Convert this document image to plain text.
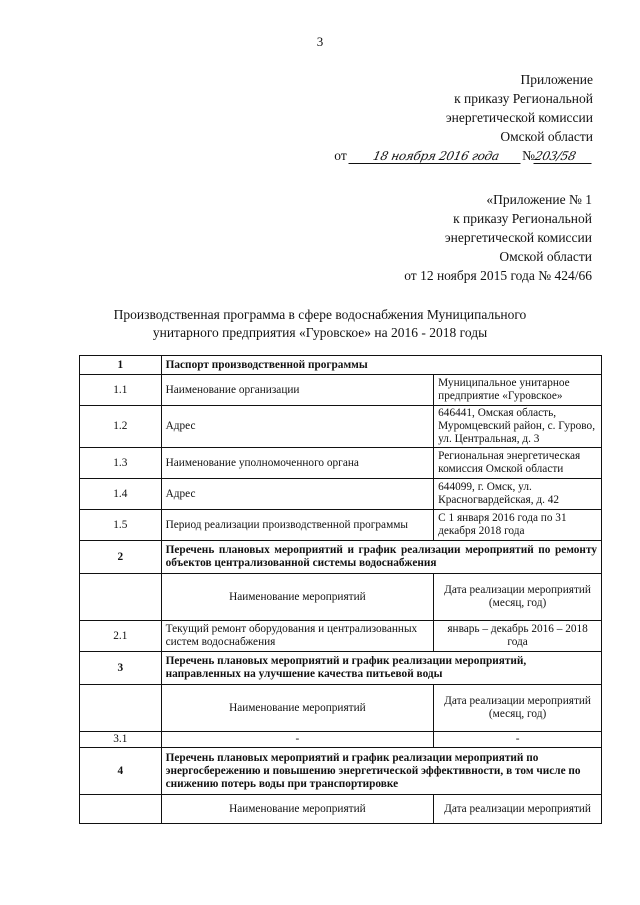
3
Приложение
к приказу Региональной
энергетической комиссии
Омской области
от 18 ноября 2016 года №203/58
«Приложение № 1
к приказу Региональной
энергетической комиссии
Омской области
от 12 ноября 2015 года № 424/66
Производственная программа в сфере водоснабжения Муниципального
унитарного предприятия «Гуровское» на 2016 - 2018 годы
1	Паспорт производственной программы	
1.1	Наименование организации	Муниципальное унитарное предприятие «Гуровское»
1.2	Адрес	646441, Омская область, Муромцевский район, с. Гурово, ул. Центральная, д. 3
1.3	Наименование уполномоченного органа	Региональная энергетическая комиссия Омской области
1.4	Адрес	644099, г. Омск, ул. Красногвардейская, д. 42
1.5	Период реализации производственной программы	С 1 января 2016 года по 31 декабря 2018 года
2	Перечень плановых мероприятий и график реализации мероприятий по ремонту объектов централизованной системы водоснабжения	
	Наименование мероприятий	Дата реализации мероприятий (месяц, год)
2.1	Текущий ремонт оборудования и централизованных систем водоснабжения	январь – декабрь 2016 – 2018 года
3	Перечень плановых мероприятий и график реализации мероприятий, направленных на улучшение качества питьевой воды	
	Наименование мероприятий	Дата реализации мероприятий (месяц, год)
3.1	-	-
4	Перечень плановых мероприятий и график реализации мероприятий по энергосбережению и повышению энергетической эффективности, в том числе по снижению потерь воды при транспортировке	
	Наименование мероприятий	Дата реализации мероприятий
